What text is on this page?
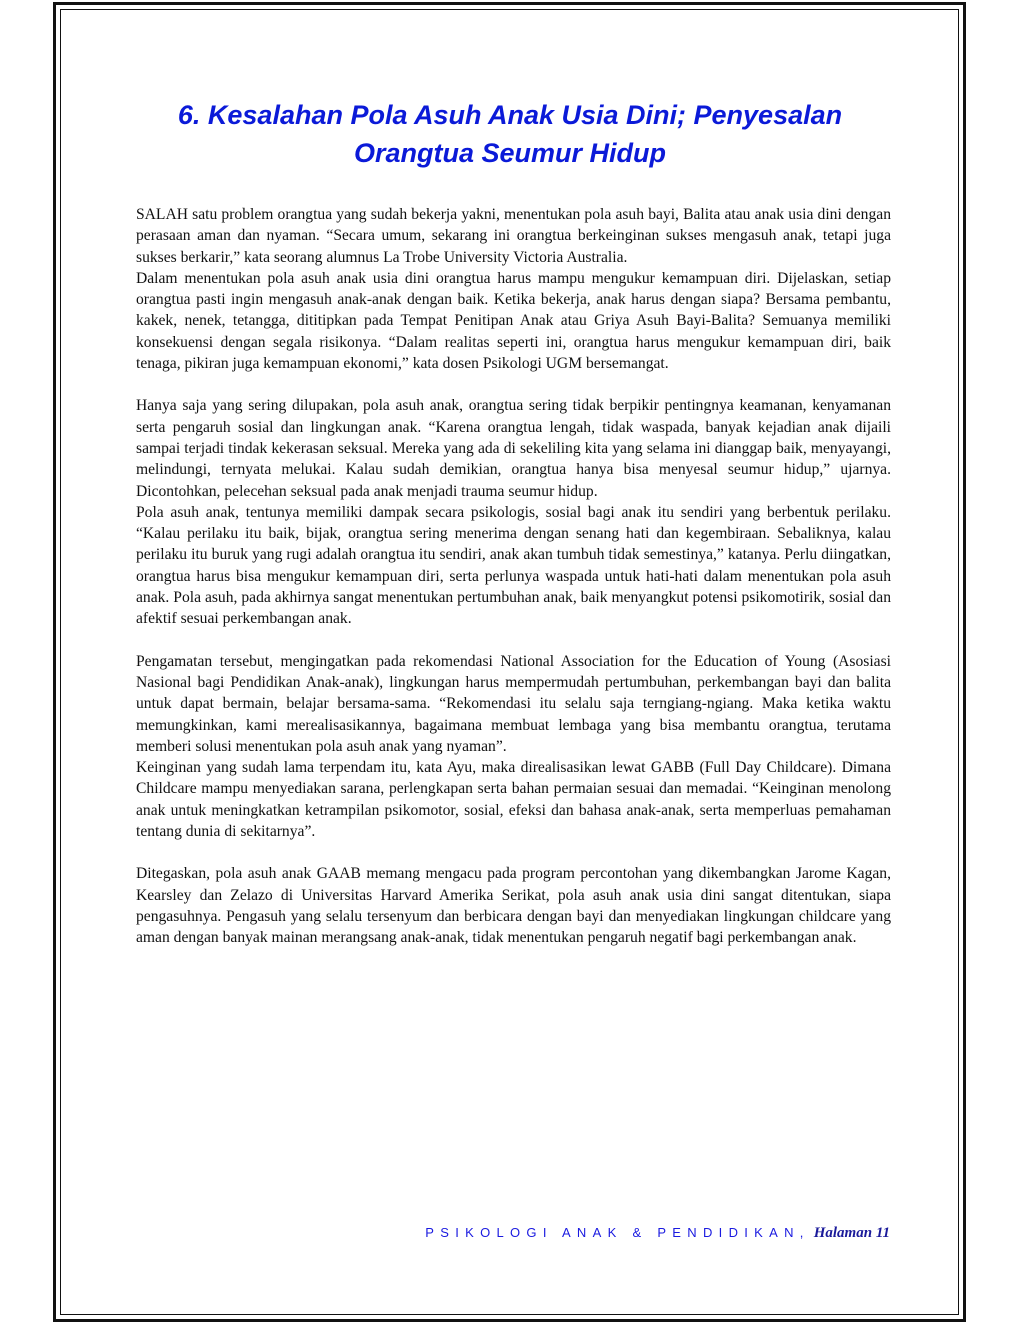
6. Kesalahan Pola Asuh Anak Usia Dini; Penyesalan Orangtua Seumur Hidup

SALAH satu problem orangtua yang sudah bekerja yakni, menentukan pola asuh bayi, Balita atau anak usia dini dengan perasaan aman dan nyaman. “Secara umum, sekarang ini orangtua berkeinginan sukses mengasuh anak, tetapi juga sukses berkarir,” kata seorang alumnus La Trobe University Victoria Australia.

Dalam menentukan pola asuh anak usia dini orangtua harus mampu mengukur kemampuan diri. Dijelaskan, setiap orangtua pasti ingin mengasuh anak-anak dengan baik. Ketika bekerja, anak harus dengan siapa? Bersama pembantu, kakek, nenek, tetangga, dititipkan pada Tempat Penitipan Anak atau Griya Asuh Bayi-Balita? Semuanya memiliki konsekuensi dengan segala risikonya. “Dalam realitas seperti ini, orangtua harus mengukur kemampuan diri, baik tenaga, pikiran juga kemampuan ekonomi,” kata dosen Psikologi UGM bersemangat.

Hanya saja yang sering dilupakan, pola asuh anak, orangtua sering tidak berpikir pentingnya keamanan, kenyamanan serta pengaruh sosial dan lingkungan anak. “Karena orangtua lengah, tidak waspada, banyak kejadian anak dijaili sampai terjadi tindak kekerasan seksual. Mereka yang ada di sekeliling kita yang selama ini dianggap baik, menyayangi, melindungi, ternyata melukai. Kalau sudah demikian, orangtua hanya bisa menyesal seumur hidup,” ujarnya. Dicontohkan, pelecehan seksual pada anak menjadi trauma seumur hidup.

Pola asuh anak, tentunya memiliki dampak secara psikologis, sosial bagi anak itu sendiri yang berbentuk perilaku. “Kalau perilaku itu baik, bijak, orangtua sering menerima dengan senang hati dan kegembiraan. Sebaliknya, kalau perilaku itu buruk yang rugi adalah orangtua itu sendiri, anak akan tumbuh tidak semestinya,” katanya. Perlu diingatkan, orangtua harus bisa mengukur kemampuan diri, serta perlunya waspada untuk hati-hati dalam menentukan pola asuh anak. Pola asuh, pada akhirnya sangat menentukan pertumbuhan anak, baik menyangkut potensi psikomotirik, sosial dan afektif sesuai perkembangan anak.

Pengamatan tersebut, mengingatkan pada rekomendasi National Association for the Education of Young (Asosiasi Nasional bagi Pendidikan Anak-anak), lingkungan harus mempermudah pertumbuhan, perkembangan bayi dan balita untuk dapat bermain, belajar bersama-sama. “Rekomendasi itu selalu saja terngiang-ngiang. Maka ketika waktu memungkinkan, kami merealisasikannya, bagaimana membuat lembaga yang bisa membantu orangtua, terutama memberi solusi menentukan pola asuh anak yang nyaman”.

Keinginan yang sudah lama terpendam itu, kata Ayu, maka direalisasikan lewat GABB (Full Day Childcare). Dimana Childcare mampu menyediakan sarana, perlengkapan serta bahan permaian sesuai dan memadai. “Keinginan menolong anak untuk meningkatkan ketrampilan psikomotor, sosial, efeksi dan bahasa anak-anak, serta memperluas pemahaman tentang dunia di sekitarnya”.

Ditegaskan, pola asuh anak GAAB memang mengacu pada program percontohan yang dikembangkan Jarome Kagan, Kearsley dan Zelazo di Universitas Harvard Amerika Serikat, pola asuh anak usia dini sangat ditentukan, siapa pengasuhnya. Pengasuh yang selalu tersenyum dan berbicara dengan bayi dan menyediakan lingkungan childcare yang aman dengan banyak mainan merangsang anak-anak, tidak menentukan pengaruh negatif bagi perkembangan anak.

PSIKOLOGI ANAK & PENDIDIKAN, Halaman 11
